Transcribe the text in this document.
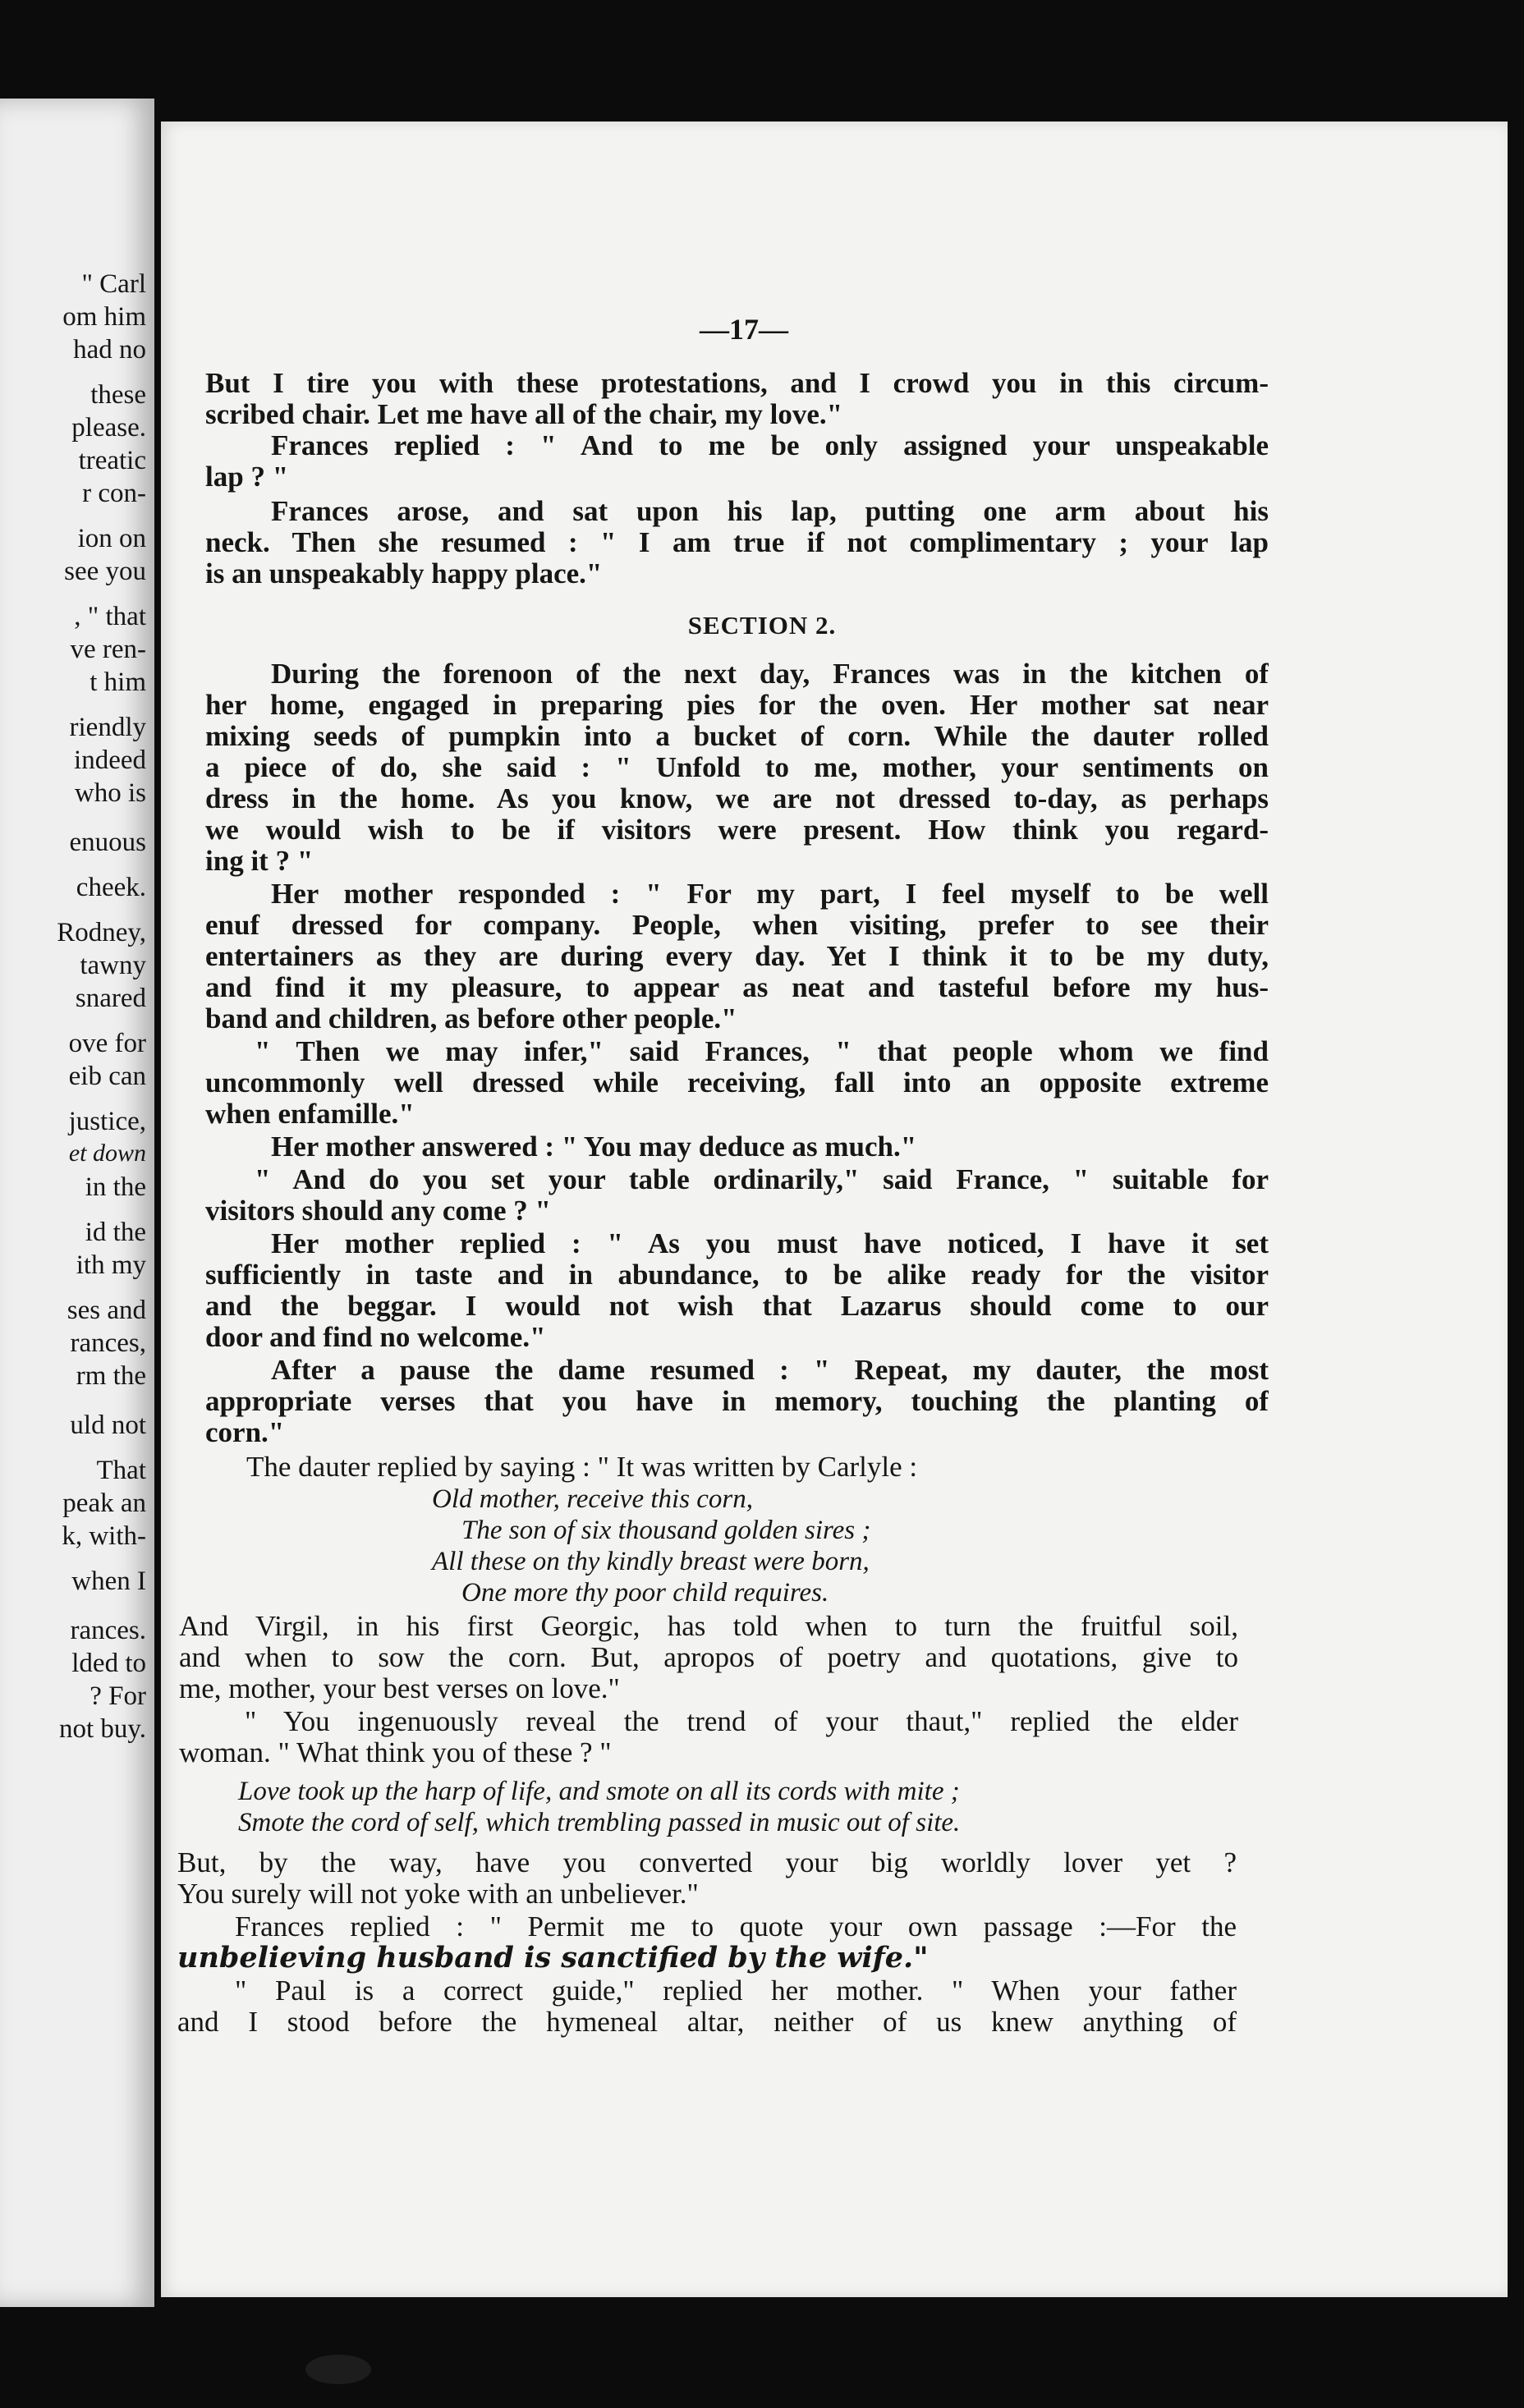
" Carl
om him
had no
these
please.
treatic
r con-
ion on
see you
, " that
ve ren-
t him
riendly
indeed
who is
enuous
cheek.
Rodney,
tawny
snared
ove for
eib can
justice,
et down
in the
id the
ith my
ses and
rances,
rm the
uld not
That
peak an
k, with-
when I
rances.
lded to
? For
not buy.
—17—
But I tire you with these protestations, and I crowd you in this circum-
scribed chair. Let me have all of the chair, my love."
Frances replied : " And to me be only assigned your unspeakable
lap ? "
Frances arose, and sat upon his lap, putting one arm about his
neck. Then she resumed : " I am true if not complimentary ; your lap
is an unspeakably happy place."
SECTION 2.
During the forenoon of the next day, Frances was in the kitchen of
her home, engaged in preparing pies for the oven. Her mother sat near
mixing seeds of pumpkin into a bucket of corn. While the dauter rolled
a piece of do, she said : " Unfold to me, mother, your sentiments on
dress in the home. As you know, we are not dressed to-day, as perhaps
we would wish to be if visitors were present. How think you regard-
ing it ? "
Her mother responded : " For my part, I feel myself to be well
enuf dressed for company. People, when visiting, prefer to see their
entertainers as they are during every day. Yet I think it to be my duty,
and find it my pleasure, to appear as neat and tasteful before my hus-
band and children, as before other people."
" Then we may infer," said Frances, " that people whom we find
uncommonly well dressed while receiving, fall into an opposite extreme
when enfamille."
Her mother answered : " You may deduce as much."
" And do you set your table ordinarily," said France, " suitable for
visitors should any come ? "
Her mother replied : " As you must have noticed, I have it set
sufficiently in taste and in abundance, to be alike ready for the visitor
and the beggar. I would not wish that Lazarus should come to our
door and find no welcome."
After a pause the dame resumed : " Repeat, my dauter, the most
appropriate verses that you have in memory, touching the planting of
corn."
The dauter replied by saying : " It was written by Carlyle :
Old mother, receive this corn,
The son of six thousand golden sires ;
All these on thy kindly breast were born,
One more thy poor child requires.
And Virgil, in his first Georgic, has told when to turn the fruitful soil,
and when to sow the corn. But, apropos of poetry and quotations, give to
me, mother, your best verses on love."
" You ingenuously reveal the trend of your thaut," replied the elder
woman. " What think you of these ? "
Love took up the harp of life, and smote on all its cords with mite ;
Smote the cord of self, which trembling passed in music out of site.
But, by the way, have you converted your big worldly lover yet ?
You surely will not yoke with an unbeliever."
Frances replied : " Permit me to quote your own passage :—For the
unbelieving husband is sanctified by the wife."
" Paul is a correct guide," replied her mother. " When your father
and I stood before the hymeneal altar, neither of us knew anything of
